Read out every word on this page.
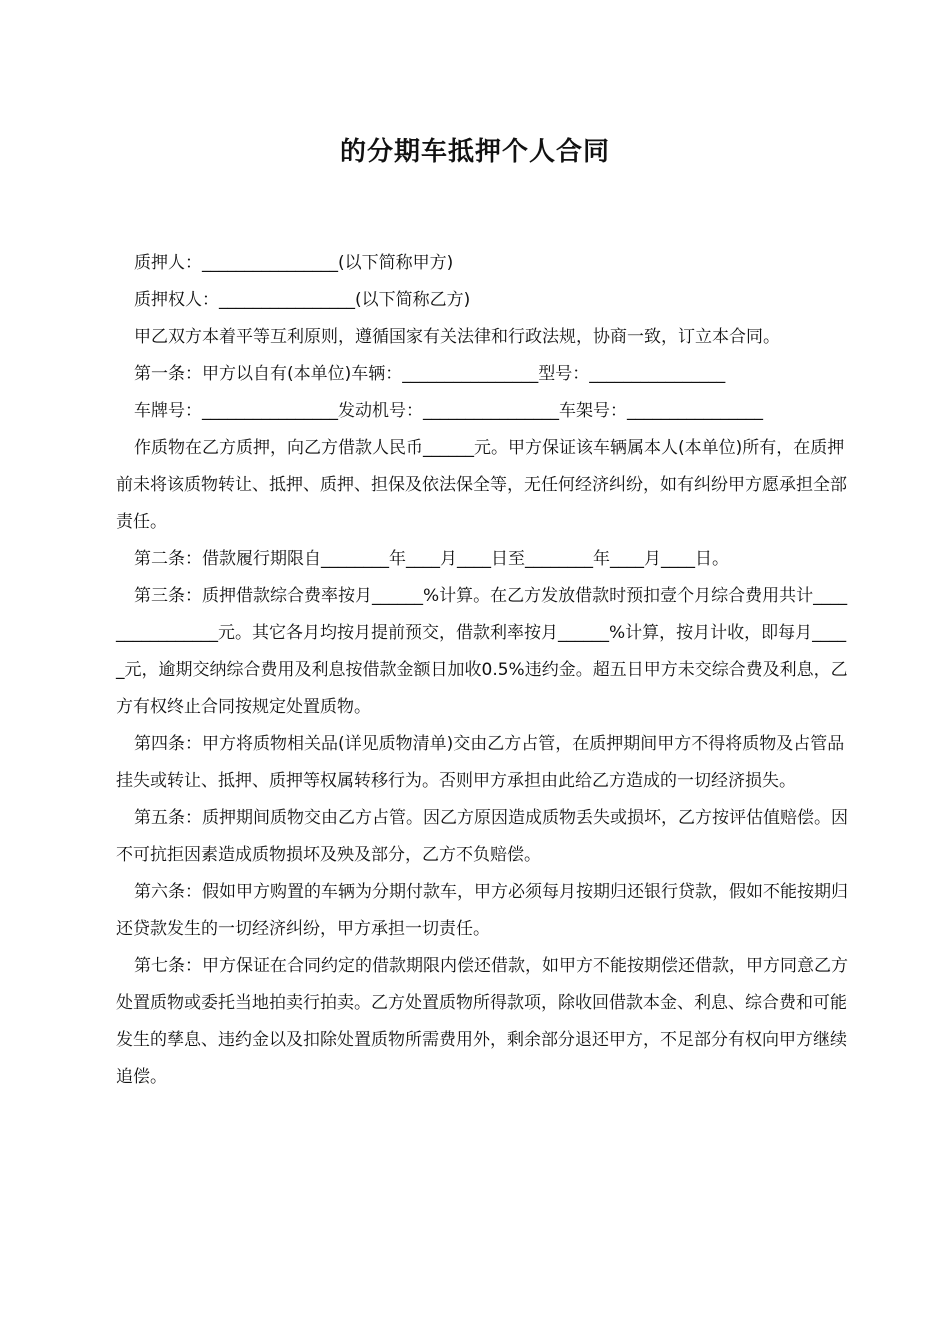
的分期车抵押个人合同

质押人：________________(以下简称甲方)

质押权人：________________(以下简称乙方)

甲乙双方本着平等互利原则，遵循国家有关法律和行政法规，协商一致，订立本合同。

第一条：甲方以自有(本单位)车辆：________________型号：________________

车牌号：________________发动机号：________________车架号：________________

作质物在乙方质押，向乙方借款人民币______元。甲方保证该车辆属本人(本单位)所有，在质押前未将该质物转让、抵押、质押、担保及依法保全等，无任何经济纠纷，如有纠纷甲方愿承担全部责任。

第二条：借款履行期限自________年____月____日至________年____月____日。

第三条：质押借款综合费率按月______%计算。在乙方发放借款时预扣壹个月综合费用共计________________元。其它各月均按月提前预交，借款利率按月______%计算，按月计收，即每月_____元，逾期交纳综合费用及利息按借款金额日加收0.5%违约金。超五日甲方未交综合费及利息，乙方有权终止合同按规定处置质物。

第四条：甲方将质物相关品(详见质物清单)交由乙方占管，在质押期间甲方不得将质物及占管品挂失或转让、抵押、质押等权属转移行为。否则甲方承担由此给乙方造成的一切经济损失。

第五条：质押期间质物交由乙方占管。因乙方原因造成质物丢失或损坏，乙方按评估值赔偿。因不可抗拒因素造成质物损坏及殃及部分，乙方不负赔偿。

第六条：假如甲方购置的车辆为分期付款车，甲方必须每月按期归还银行贷款，假如不能按期归还贷款发生的一切经济纠纷，甲方承担一切责任。

第七条：甲方保证在合同约定的借款期限内偿还借款，如甲方不能按期偿还借款，甲方同意乙方处置质物或委托当地拍卖行拍卖。乙方处置质物所得款项，除收回借款本金、利息、综合费和可能发生的孳息、违约金以及扣除处置质物所需费用外，剩余部分退还甲方，不足部分有权向甲方继续追偿。
